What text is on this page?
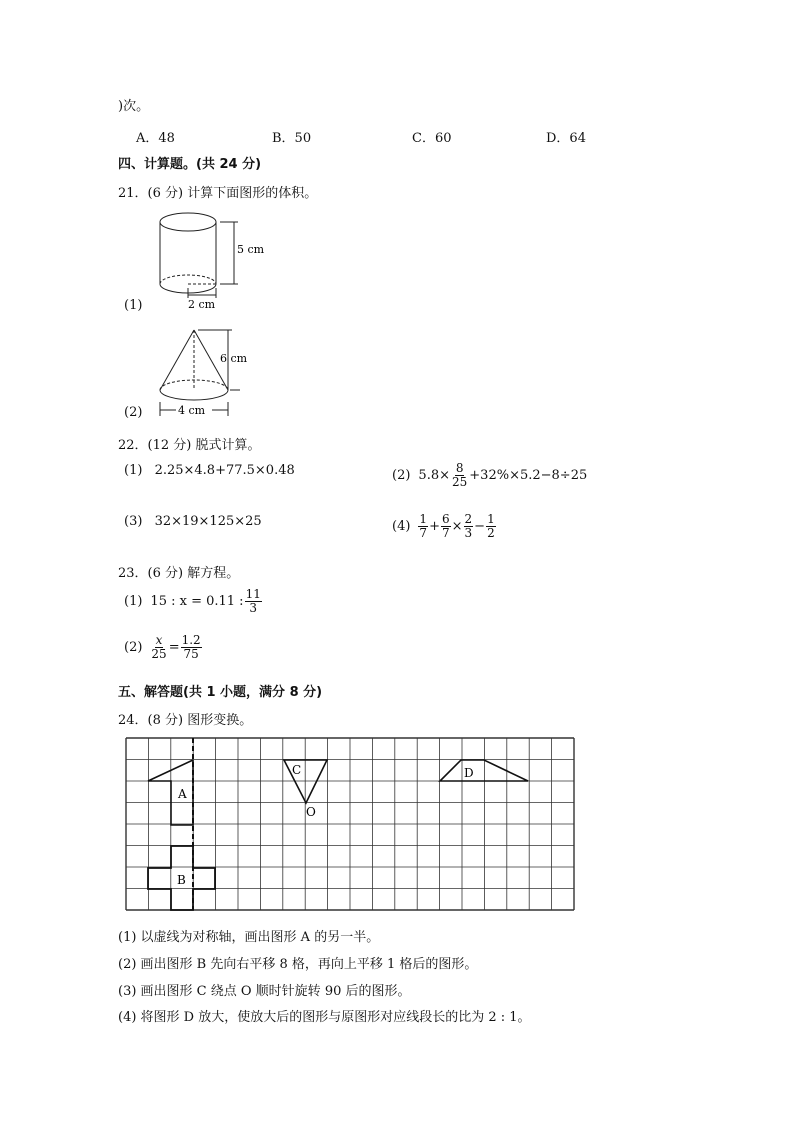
)次。
A．48	B．50	C．60	D．64
四、计算题。(共 24 分)
21．(6 分) 计算下面图形的体积。
(1)
5 cm
2 cm
(2)
6 cm
4 cm
22．(12 分) 脱式计算。
(1) 2.25×4.8+77.5×0.48	(2) $5.8\times \frac{8}{25} +32\%\times 5.2-8\div 25$
(3) 32×19×125×25	$(4) \frac{1}{7} + \frac{6}{7} \times \frac{2}{3} - \frac{1}{2}$
23．(6 分) 解方程。
(1) 15 : x = 0.11 : $\frac{11}{3}$
$(2) \frac{x}{25} = \frac{1.2}{75}$
五、解答题(共 1 小题，满分 8 分)
24．(8 分) 图形变换。
A
B
C
O
D
(1) 以虚线为对称轴，画出图形 A 的另一半。
(2) 画出图形 B 先向右平移 8 格，再向上平移 1 格后的图形。
(3) 画出图形 C 绕点 O 顺时针旋转 90 后的图形。
(4) 将图形 D 放大，使放大后的图形与原图形对应线段长的比为 2 : 1。
